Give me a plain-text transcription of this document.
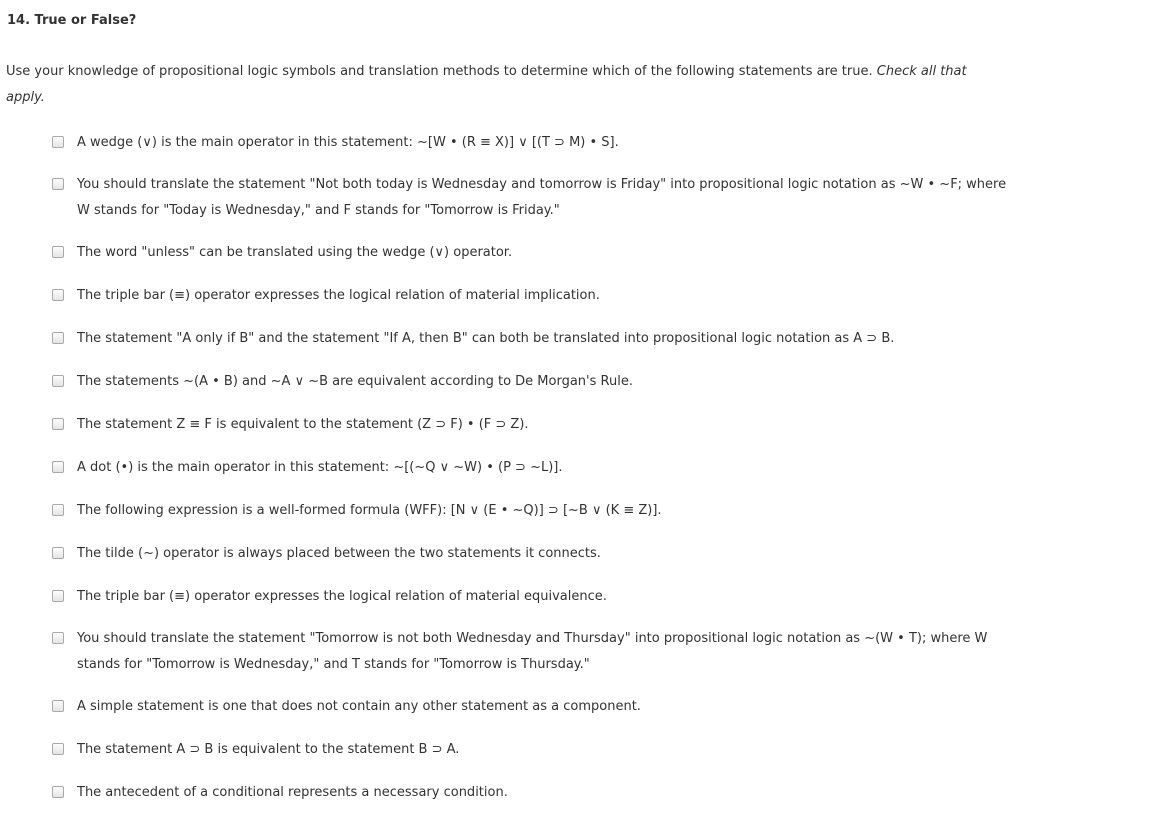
14. True or False?

Use your knowledge of propositional logic symbols and translation methods to determine which of the following statements are true. Check all that apply.

A wedge (∨) is the main operator in this statement: ~[W • (R ≡ X)] ∨ [(T ⊃ M) • S].
You should translate the statement "Not both today is Wednesday and tomorrow is Friday" into propositional logic notation as ~W • ~F; where W stands for "Today is Wednesday," and F stands for "Tomorrow is Friday."
The word "unless" can be translated using the wedge (∨) operator.
The triple bar (≡) operator expresses the logical relation of material implication.
The statement "A only if B" and the statement "If A, then B" can both be translated into propositional logic notation as A ⊃ B.
The statements ~(A • B) and ~A ∨ ~B are equivalent according to De Morgan's Rule.
The statement Z ≡ F is equivalent to the statement (Z ⊃ F) • (F ⊃ Z).
A dot (•) is the main operator in this statement: ~[(~Q ∨ ~W) • (P ⊃ ~L)].
The following expression is a well-formed formula (WFF): [N ∨ (E • ~Q)] ⊃ [~B ∨ (K ≡ Z)].
The tilde (~) operator is always placed between the two statements it connects.
The triple bar (≡) operator expresses the logical relation of material equivalence.
You should translate the statement "Tomorrow is not both Wednesday and Thursday" into propositional logic notation as ~(W • T); where W stands for "Tomorrow is Wednesday," and T stands for "Tomorrow is Thursday."
A simple statement is one that does not contain any other statement as a component.
The statement A ⊃ B is equivalent to the statement B ⊃ A.
The antecedent of a conditional represents a necessary condition.
